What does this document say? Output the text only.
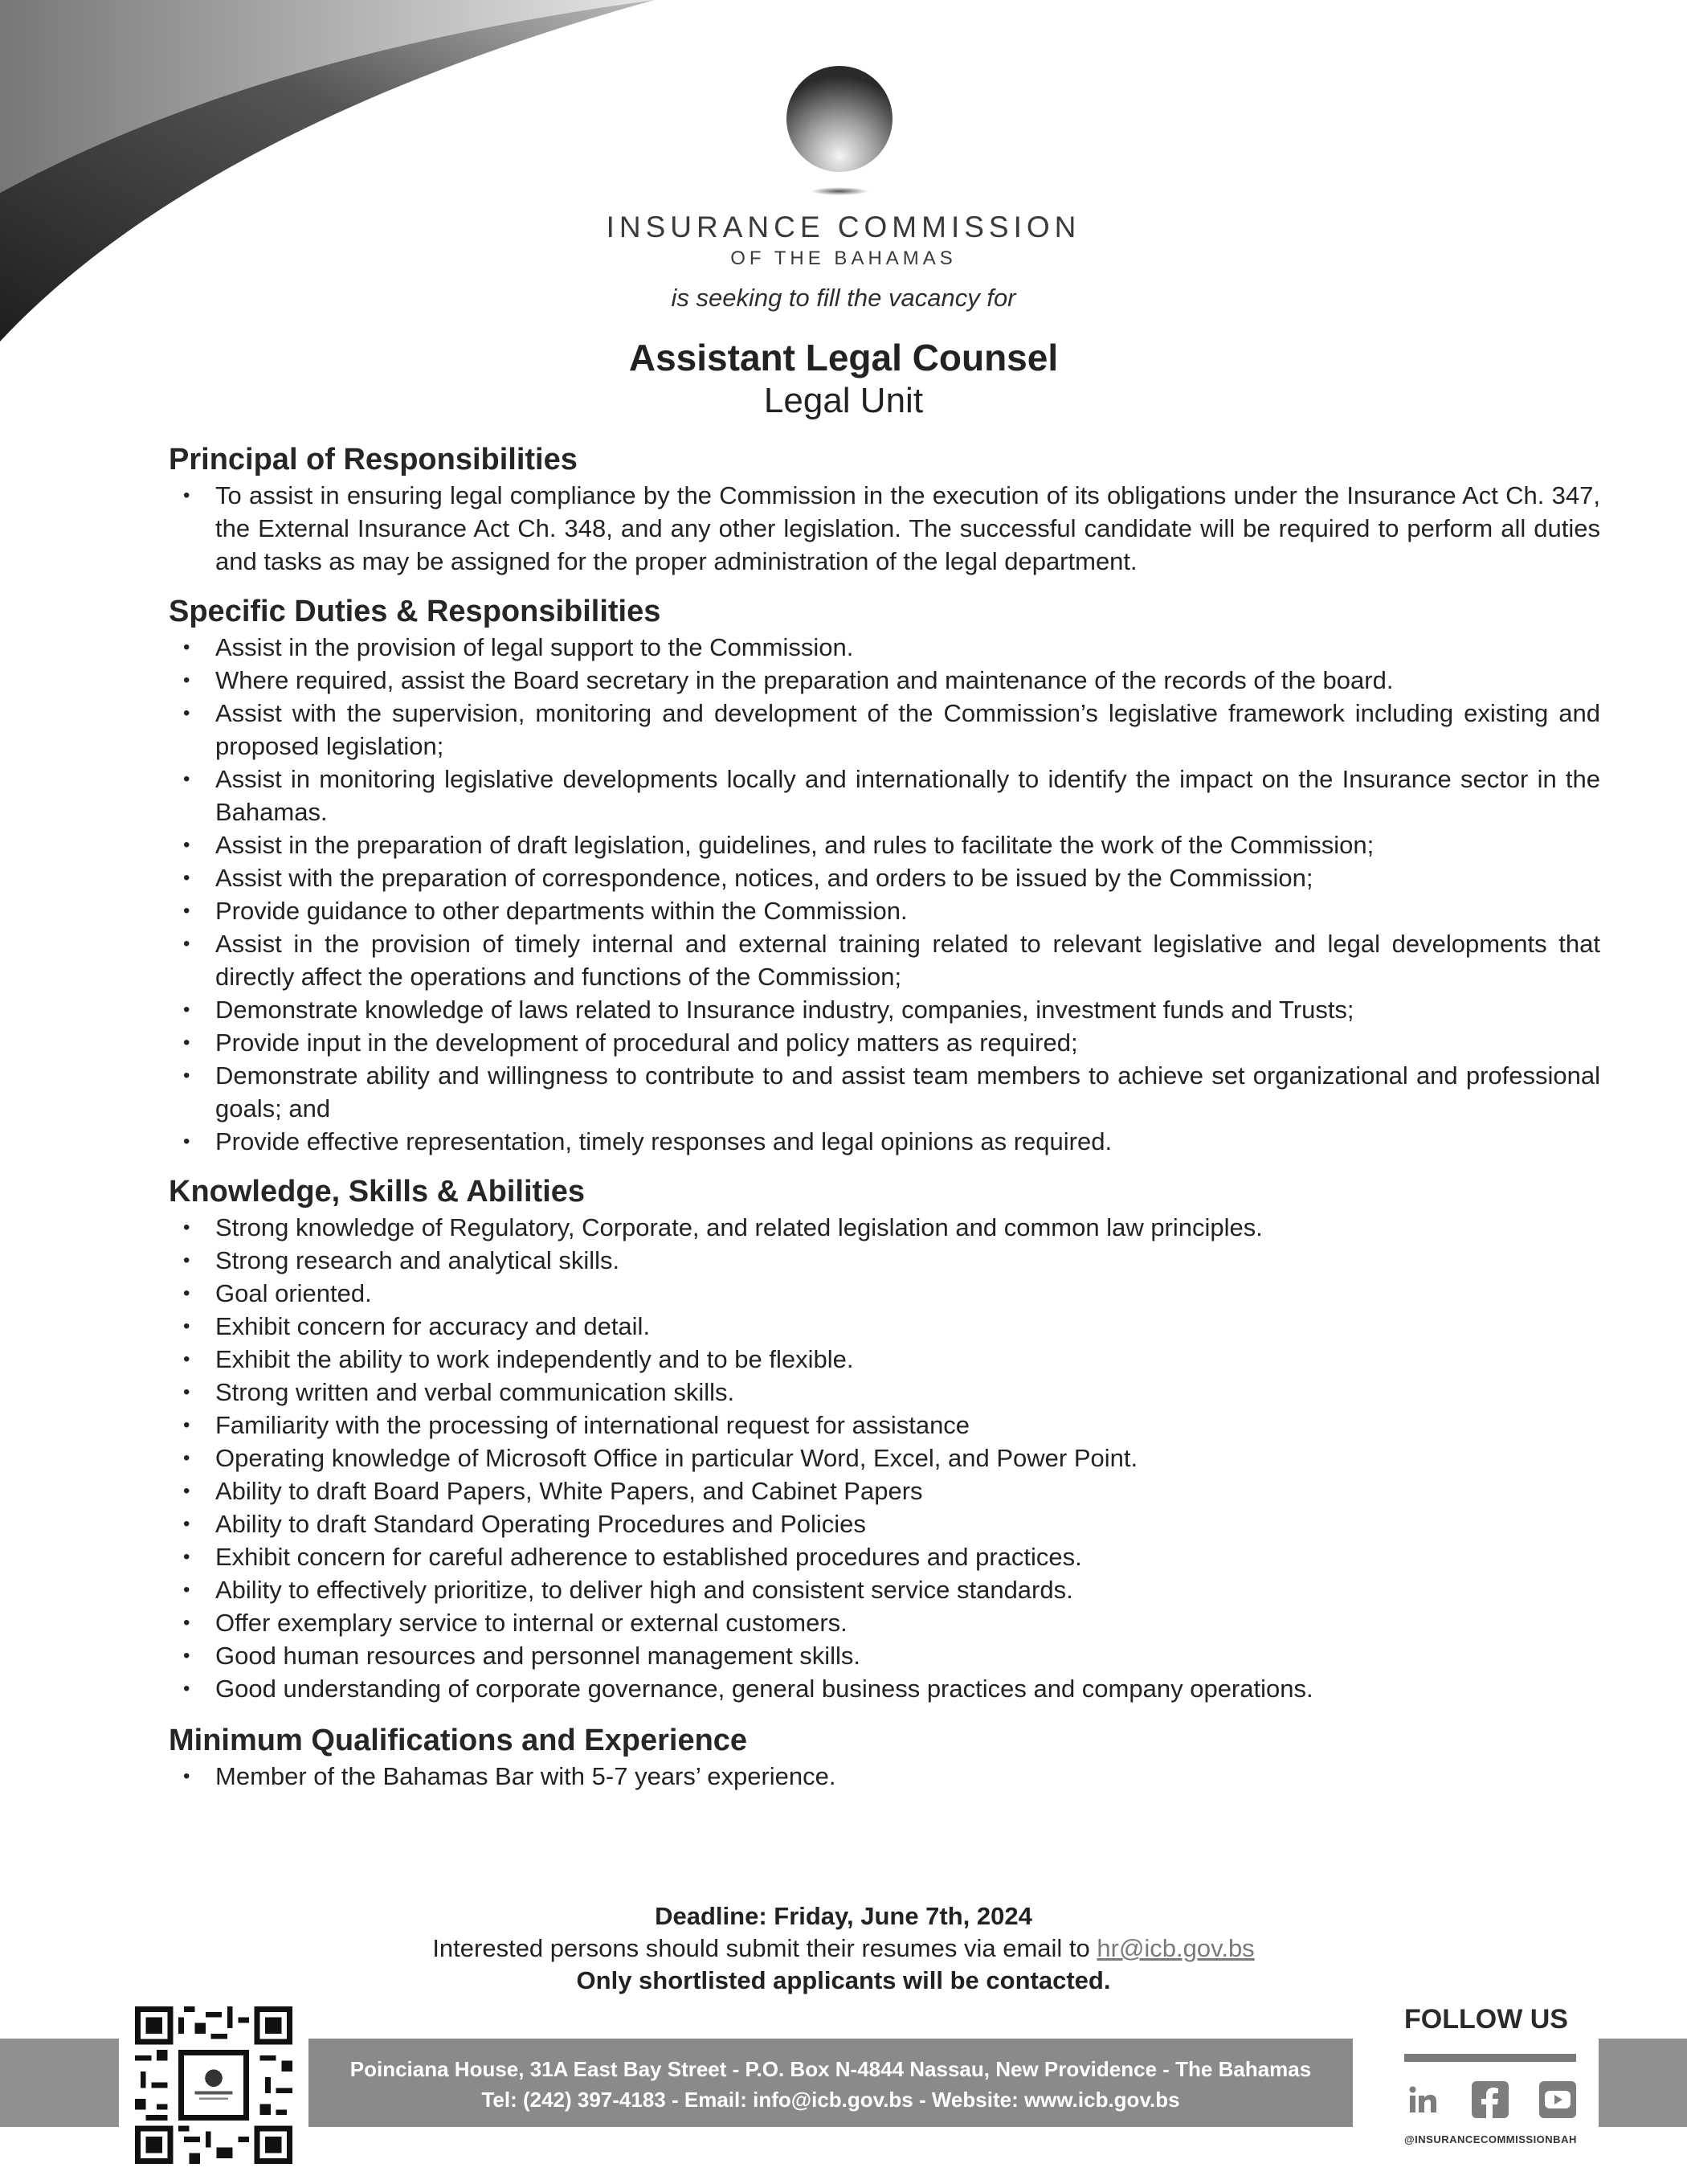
INSURANCE COMMISSION
OF THE BAHAMAS
is seeking to fill the vacancy for
Assistant Legal Counsel
Legal Unit
Principal of Responsibilities
• To assist in ensuring legal compliance by the Commission in the execution of its obligations under the Insurance Act Ch. 347, the External Insurance Act Ch. 348, and any other legislation. The successful candidate will be required to perform all duties and tasks as may be assigned for the proper administration of the legal department.
Specific Duties & Responsibilities
• Assist in the provision of legal support to the Commission.
• Where required, assist the Board secretary in the preparation and maintenance of the records of the board.
• Assist with the supervision, monitoring and development of the Commission’s legislative framework including existing and proposed legislation;
• Assist in monitoring legislative developments locally and internationally to identify the impact on the Insurance sector in the Bahamas.
• Assist in the preparation of draft legislation, guidelines, and rules to facilitate the work of the Commission;
• Assist with the preparation of correspondence, notices, and orders to be issued by the Commission;
• Provide guidance to other departments within the Commission.
• Assist in the provision of timely internal and external training related to relevant legislative and legal developments that directly affect the operations and functions of the Commission;
• Demonstrate knowledge of laws related to Insurance industry, companies, investment funds and Trusts;
• Provide input in the development of procedural and policy matters as required;
• Demonstrate ability and willingness to contribute to and assist team members to achieve set organizational and professional goals; and
• Provide effective representation, timely responses and legal opinions as required.
Knowledge, Skills & Abilities
• Strong knowledge of Regulatory, Corporate, and related legislation and common law principles.
• Strong research and analytical skills.
• Goal oriented.
• Exhibit concern for accuracy and detail.
• Exhibit the ability to work independently and to be flexible.
• Strong written and verbal communication skills.
• Familiarity with the processing of international request for assistance
• Operating knowledge of Microsoft Office in particular Word, Excel, and Power Point.
• Ability to draft Board Papers, White Papers, and Cabinet Papers
• Ability to draft Standard Operating Procedures and Policies
• Exhibit concern for careful adherence to established procedures and practices.
• Ability to effectively prioritize, to deliver high and consistent service standards.
• Offer exemplary service to internal or external customers.
• Good human resources and personnel management skills.
• Good understanding of corporate governance, general business practices and company operations.
Minimum Qualifications and Experience
• Member of the Bahamas Bar with 5-7 years’ experience.
Deadline: Friday, June 7th, 2024
Interested persons should submit their resumes via email to hr@icb.gov.bs
Only shortlisted applicants will be contacted.
Poinciana House, 31A East Bay Street - P.O. Box N-4844 Nassau, New Providence - The Bahamas
Tel: (242) 397-4183 - Email: info@icb.gov.bs - Website: www.icb.gov.bs
FOLLOW US
@INSURANCECOMMISSIONBAH
